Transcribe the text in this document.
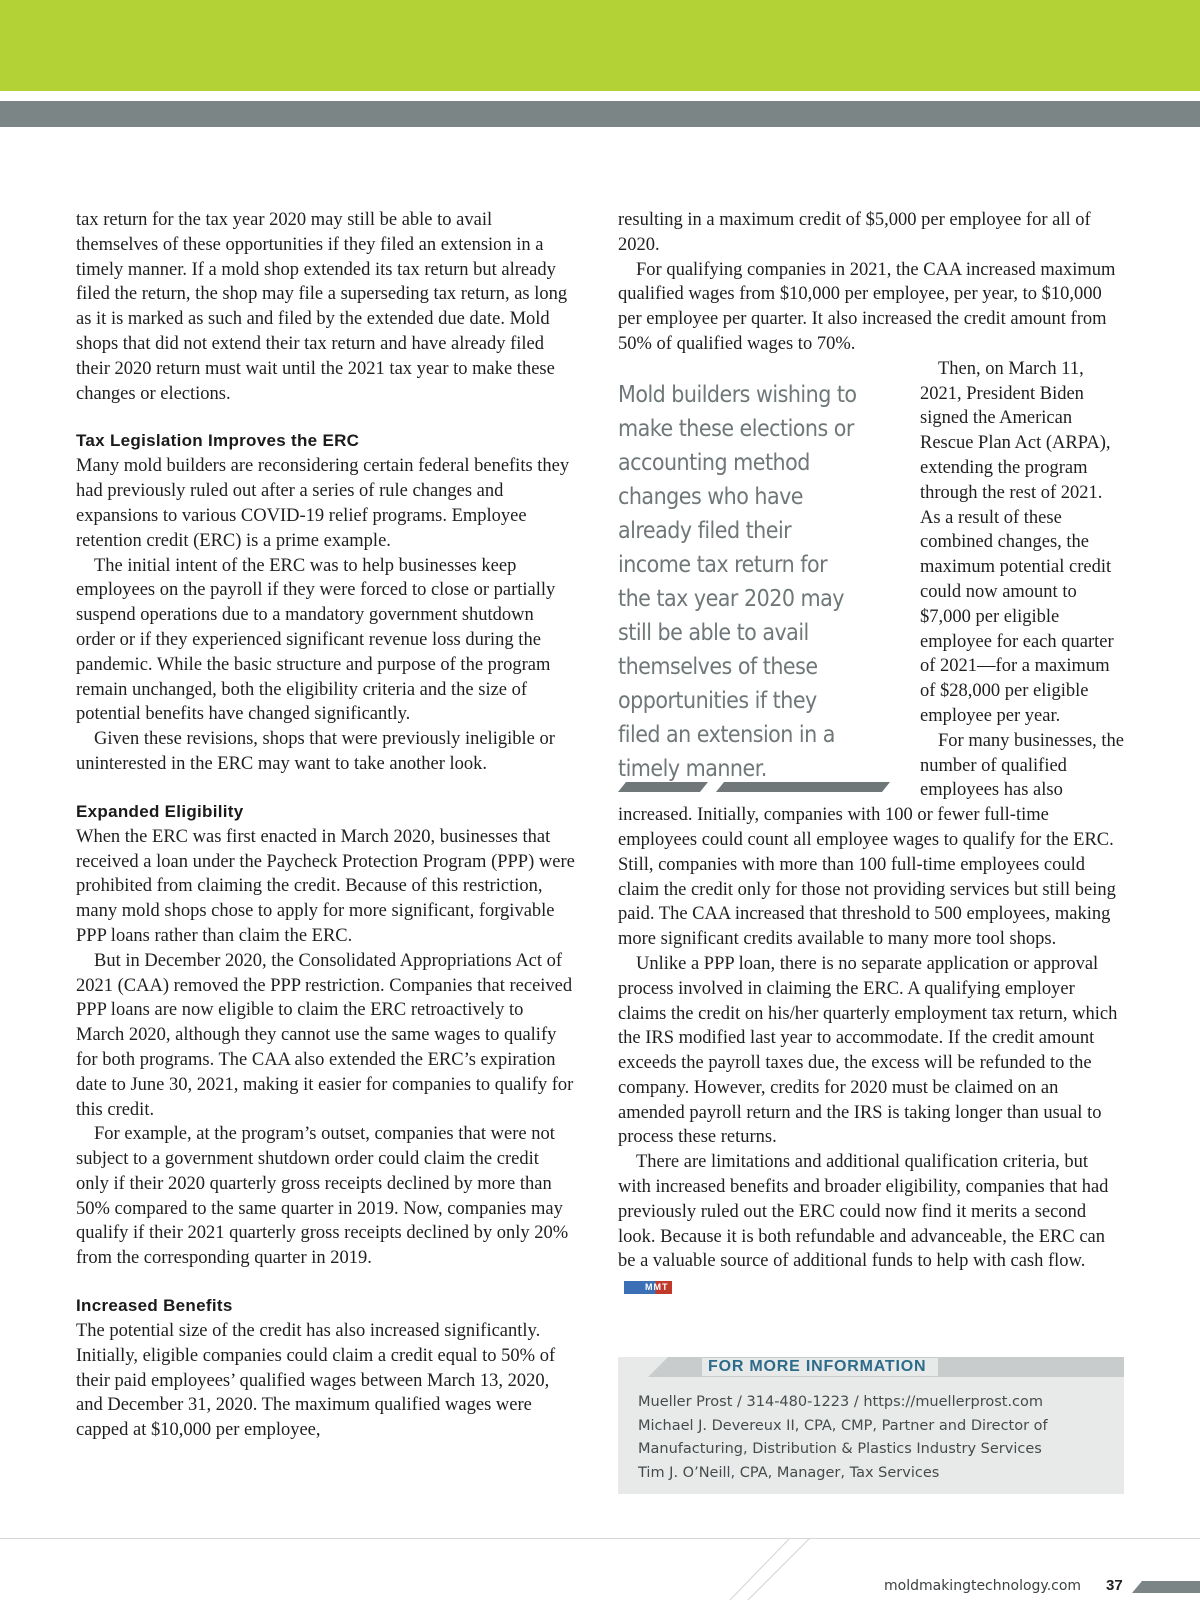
tax return for the tax year 2020 may still be able to avail themselves of these opportunities if they filed an extension in a timely manner. If a mold shop extended its tax return but already filed the return, the shop may file a superseding tax return, as long as it is marked as such and filed by the extended due date. Mold shops that did not extend their tax return and have already filed their 2020 return must wait until the 2021 tax year to make these changes or elections.

Tax Legislation Improves the ERC

Many mold builders are reconsidering certain federal benefits they had previously ruled out after a series of rule changes and expansions to various COVID-19 relief programs. Employee retention credit (ERC) is a prime example.

The initial intent of the ERC was to help businesses keep employees on the payroll if they were forced to close or partially suspend operations due to a mandatory government shutdown order or if they experienced significant revenue loss during the pandemic. While the basic structure and purpose of the program remain unchanged, both the eligibility criteria and the size of potential benefits have changed significantly.

Given these revisions, shops that were previously ineligible or uninterested in the ERC may want to take another look.

Expanded Eligibility

When the ERC was first enacted in March 2020, businesses that received a loan under the Paycheck Protection Program (PPP) were prohibited from claiming the credit. Because of this restriction, many mold shops chose to apply for more significant, forgivable PPP loans rather than claim the ERC.

But in December 2020, the Consolidated Appropriations Act of 2021 (CAA) removed the PPP restriction. Companies that received PPP loans are now eligible to claim the ERC retroactively to March 2020, although they cannot use the same wages to qualify for both programs. The CAA also extended the ERC’s expiration date to June 30, 2021, making it easier for companies to qualify for this credit.

For example, at the program’s outset, companies that were not subject to a government shutdown order could claim the credit only if their 2020 quarterly gross receipts declined by more than 50% compared to the same quarter in 2019. Now, companies may qualify if their 2021 quarterly gross receipts declined by only 20% from the corresponding quarter in 2019.

Increased Benefits

The potential size of the credit has also increased significantly. Initially, eligible companies could claim a credit equal to 50% of their paid employees’ qualified wages between March 13, 2020, and December 31, 2020. The maximum qualified wages were capped at $10,000 per employee,

resulting in a maximum credit of $5,000 per employee for all of 2020.

For qualifying companies in 2021, the CAA increased maximum qualified wages from $10,000 per employee, per year, to $10,000 per employee per quarter. It also increased the credit amount from 50% of qualified wages to 70%.

Mold builders wishing to make these elections or accounting method changes who have already filed their income tax return for the tax year 2020 may still be able to avail themselves of these opportunities if they filed an extension in a timely manner.
Then, on March 11, 2021, President Biden signed the American Rescue Plan Act (ARPA), extending the program through the rest of 2021. As a result of these combined changes, the maximum potential credit could now amount to $7,000 per eligible employee for each quarter of 2021—for a maximum of $28,000 per eligible employee per year.

For many businesses, the number of qualified employees has also increased. Initially, companies with 100 or fewer full-time employees could count all employee wages to qualify for the ERC. Still, companies with more than 100 full-time employees could claim the credit only for those not providing services but still being paid. The CAA increased that threshold to 500 employees, making more significant credits available to many more tool shops.

Unlike a PPP loan, there is no separate application or approval process involved in claiming the ERC. A qualifying employer claims the credit on his/her quarterly employment tax return, which the IRS modified last year to accommodate. If the credit amount exceeds the payroll taxes due, the excess will be refunded to the company. However, credits for 2020 must be claimed on an amended payroll return and the IRS is taking longer than usual to process these returns.

There are limitations and additional qualification criteria, but with increased benefits and broader eligibility, companies that had previously ruled out the ERC could now find it merits a second look. Because it is both refundable and advanceable, the ERC can be a valuable source of additional funds to help with cash flow.MMT

FOR MORE INFORMATION
Mueller Prost / 314-480-1223 / https://muellerprost.com
Michael J. Devereux II, CPA, CMP, Partner and Director of
Manufacturing, Distribution & Plastics Industry Services
Tim J. O’Neill, CPA, Manager, Tax Services
moldmakingtechnology.com 37
